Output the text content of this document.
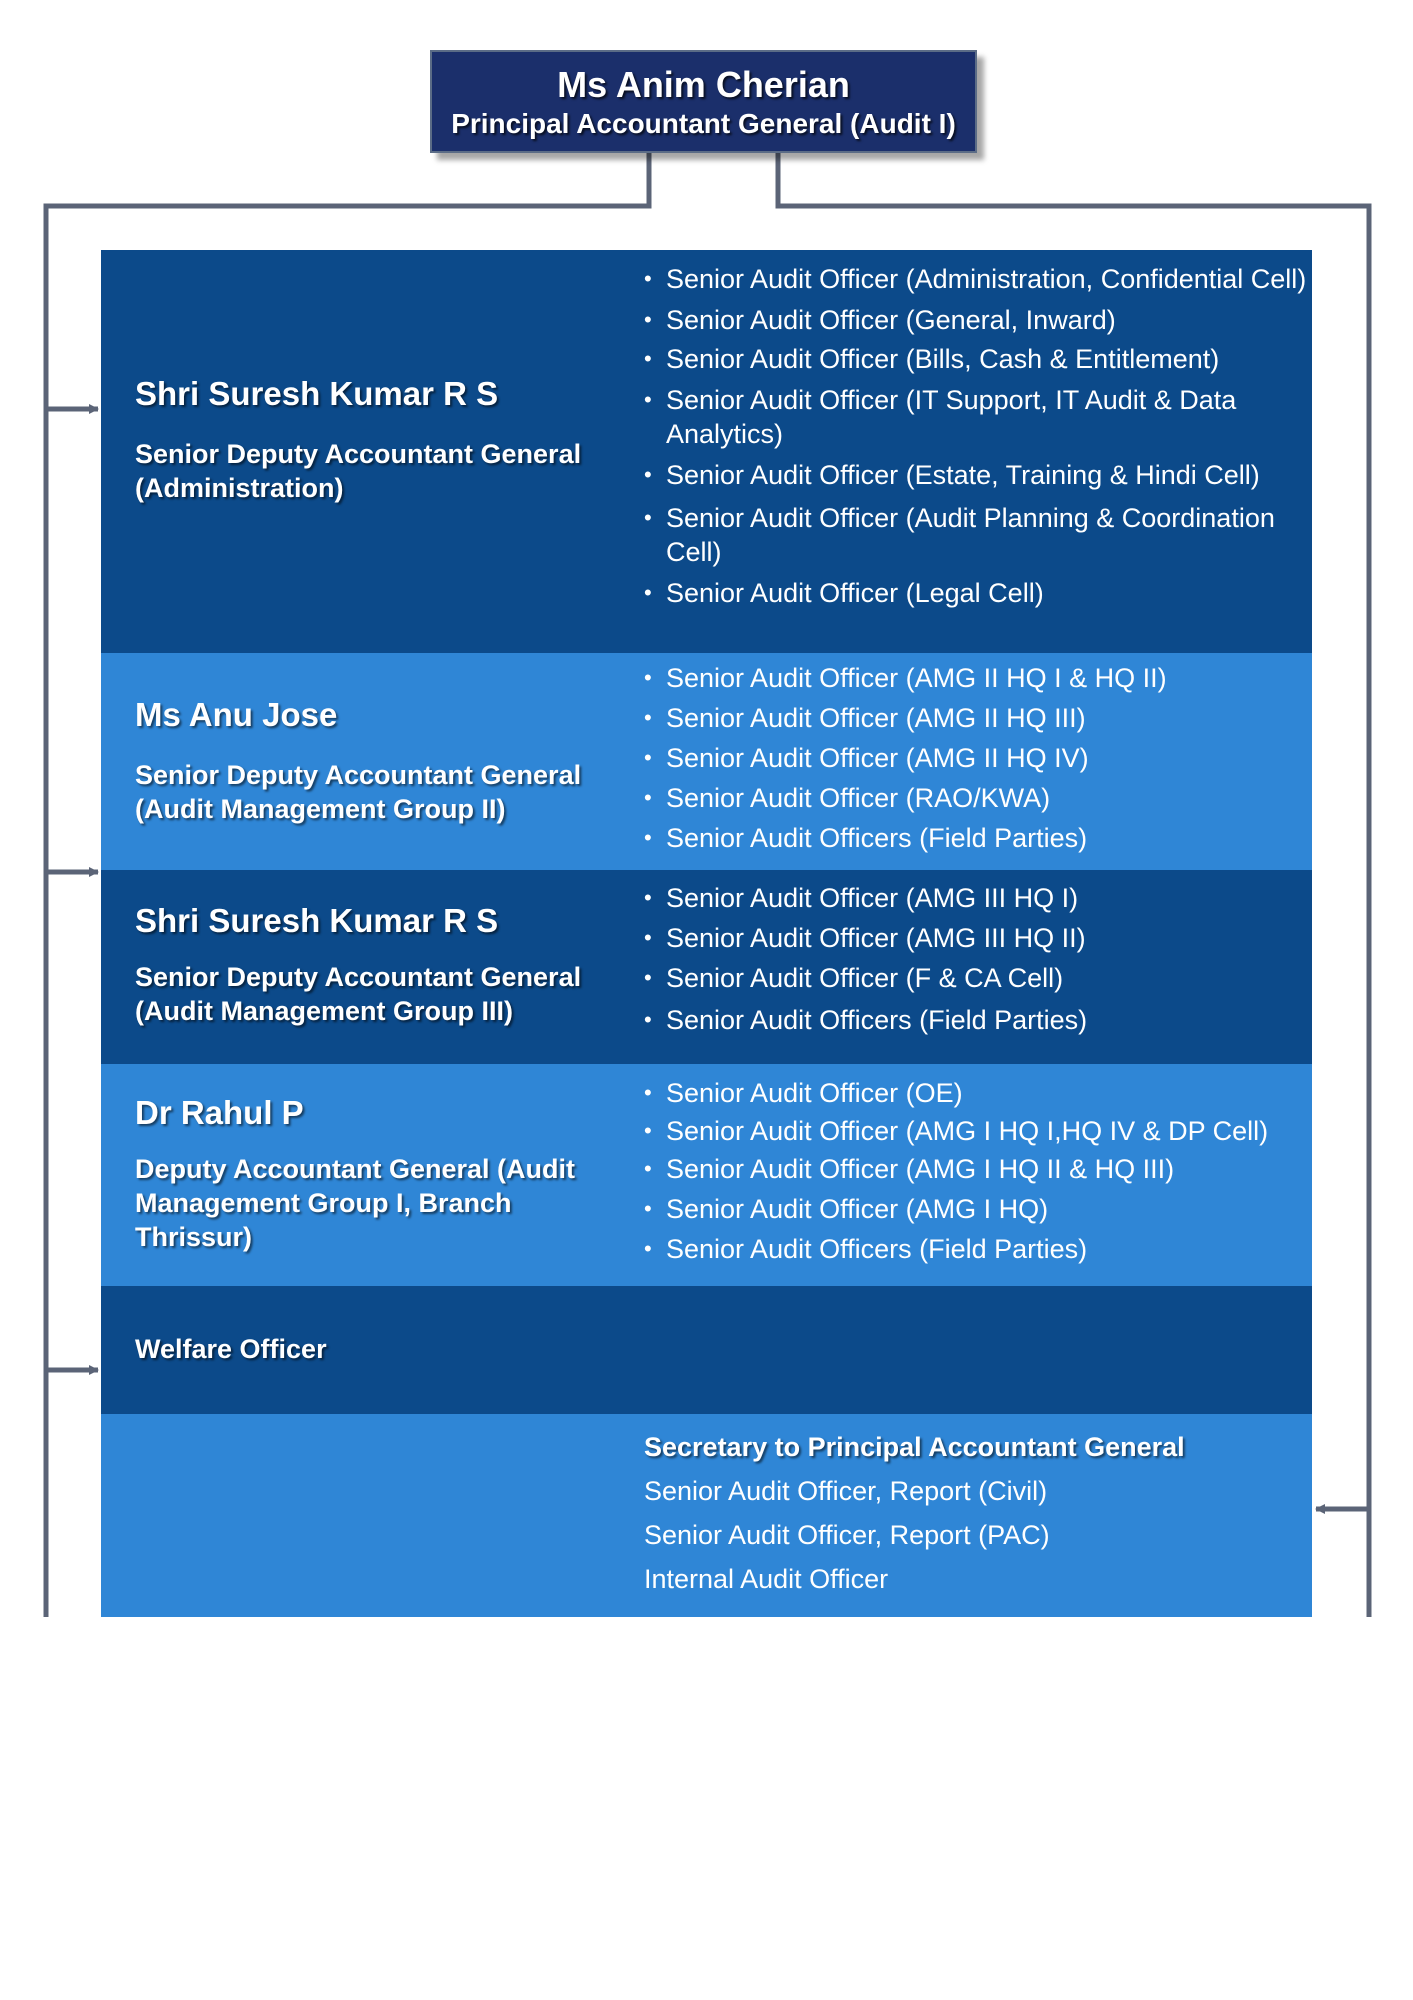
Ms Anim Cherian
Principal Accountant General (Audit I)
Shri Suresh Kumar R S
Senior Deputy Accountant General (Administration)
• Senior Audit Officer (Administration, Confidential Cell)
• Senior Audit Officer (General, Inward)
• Senior Audit Officer (Bills, Cash & Entitlement)
• Senior Audit Officer (IT Support, IT Audit & Data Analytics)
• Senior Audit Officer (Estate, Training & Hindi Cell)
• Senior Audit Officer (Audit Planning & Coordination Cell)
• Senior Audit Officer (Legal Cell)
Ms Anu Jose
Senior Deputy Accountant General (Audit Management Group II)
• Senior Audit Officer (AMG II HQ I & HQ II)
• Senior Audit Officer (AMG II HQ III)
• Senior Audit Officer (AMG II HQ IV)
• Senior Audit Officer (RAO/KWA)
• Senior Audit Officers (Field Parties)
Shri Suresh Kumar R S
Senior Deputy Accountant General (Audit Management Group III)
• Senior Audit Officer (AMG III HQ I)
• Senior Audit Officer (AMG III HQ II)
• Senior Audit Officer (F & CA Cell)
• Senior Audit Officers (Field Parties)
Dr Rahul P
Deputy Accountant General (Audit Management Group I, Branch Thrissur)
• Senior Audit Officer (OE)
• Senior Audit Officer (AMG I HQ I,HQ IV & DP Cell)
• Senior Audit Officer (AMG I HQ II & HQ III)
• Senior Audit Officer (AMG I HQ)
• Senior Audit Officers (Field Parties)
Welfare Officer
Secretary to Principal Accountant General
Senior Audit Officer, Report (Civil)
Senior Audit Officer, Report (PAC)
Internal Audit Officer
